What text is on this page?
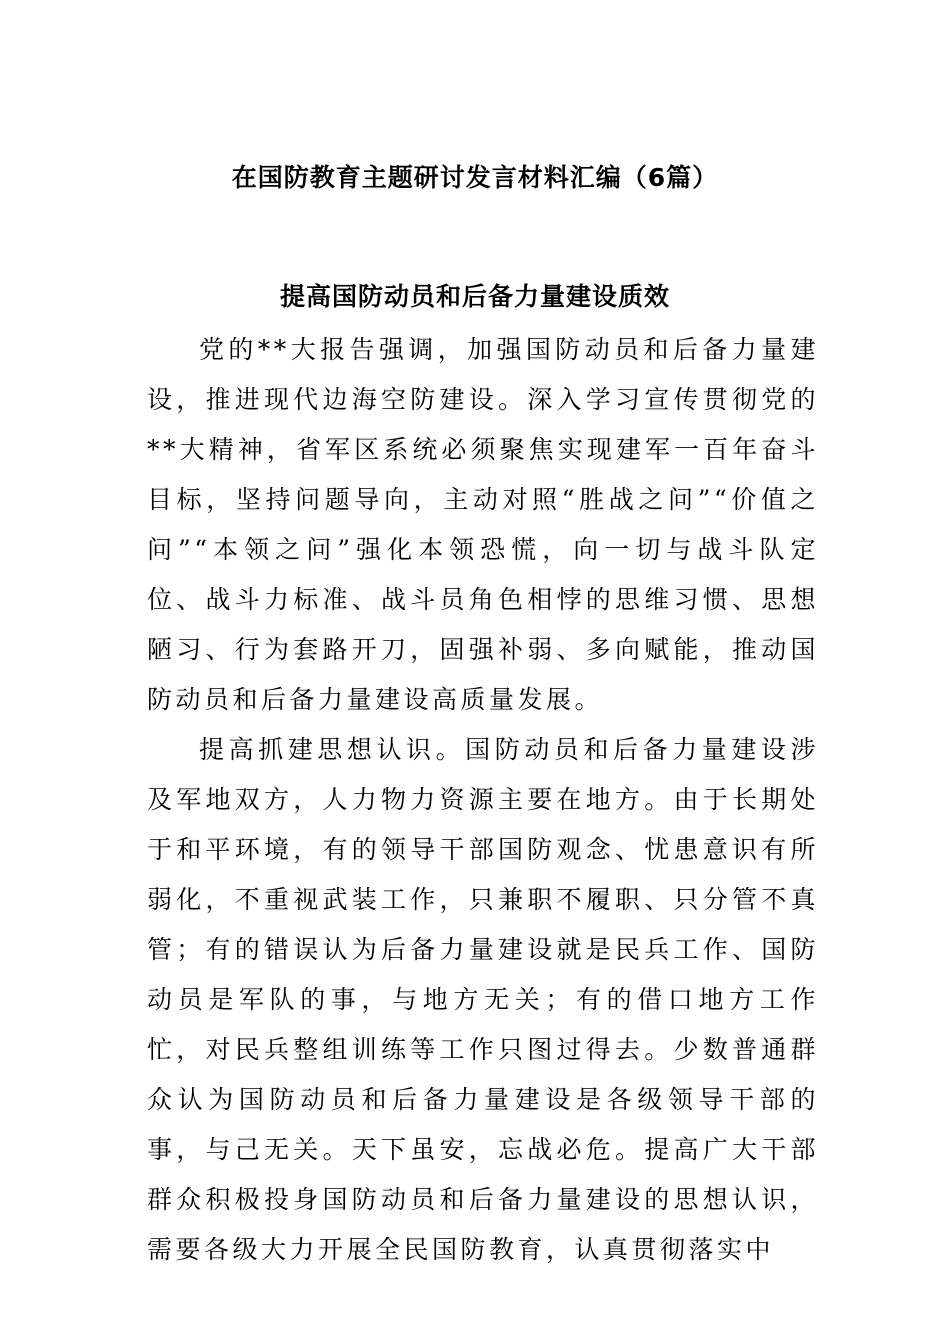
在国防教育主题研讨发言材料汇编（6篇）
提高国防动员和后备力量建设质效

党的**大报告强调，加强国防动员和后备力量建设，推进现代边海空防建设。深入学习宣传贯彻党的**大精神，省军区系统必须聚焦实现建军一百年奋斗目标，坚持问题导向，主动对照“胜战之问”“价值之问”“本领之问”强化本领恐慌，向一切与战斗队定位、战斗力标准、战斗员角色相悖的思维习惯、思想陋习、行为套路开刀，固强补弱、多向赋能，推动国防动员和后备力量建设高质量发展。

提高抓建思想认识。国防动员和后备力量建设涉及军地双方，人力物力资源主要在地方。由于长期处于和平环境，有的领导干部国防观念、忧患意识有所弱化，不重视武装工作，只兼职不履职、只分管不真管；有的错误认为后备力量建设就是民兵工作、国防动员是军队的事，与地方无关；有的借口地方工作忙，对民兵整组训练等工作只图过得去。少数普通群众认为国防动员和后备力量建设是各级领导干部的事，与己无关。天下虽安，忘战必危。提高广大干部群众积极投身国防动员和后备力量建设的思想认识，需要各级大力开展全民国防教育，认真贯彻落实中
